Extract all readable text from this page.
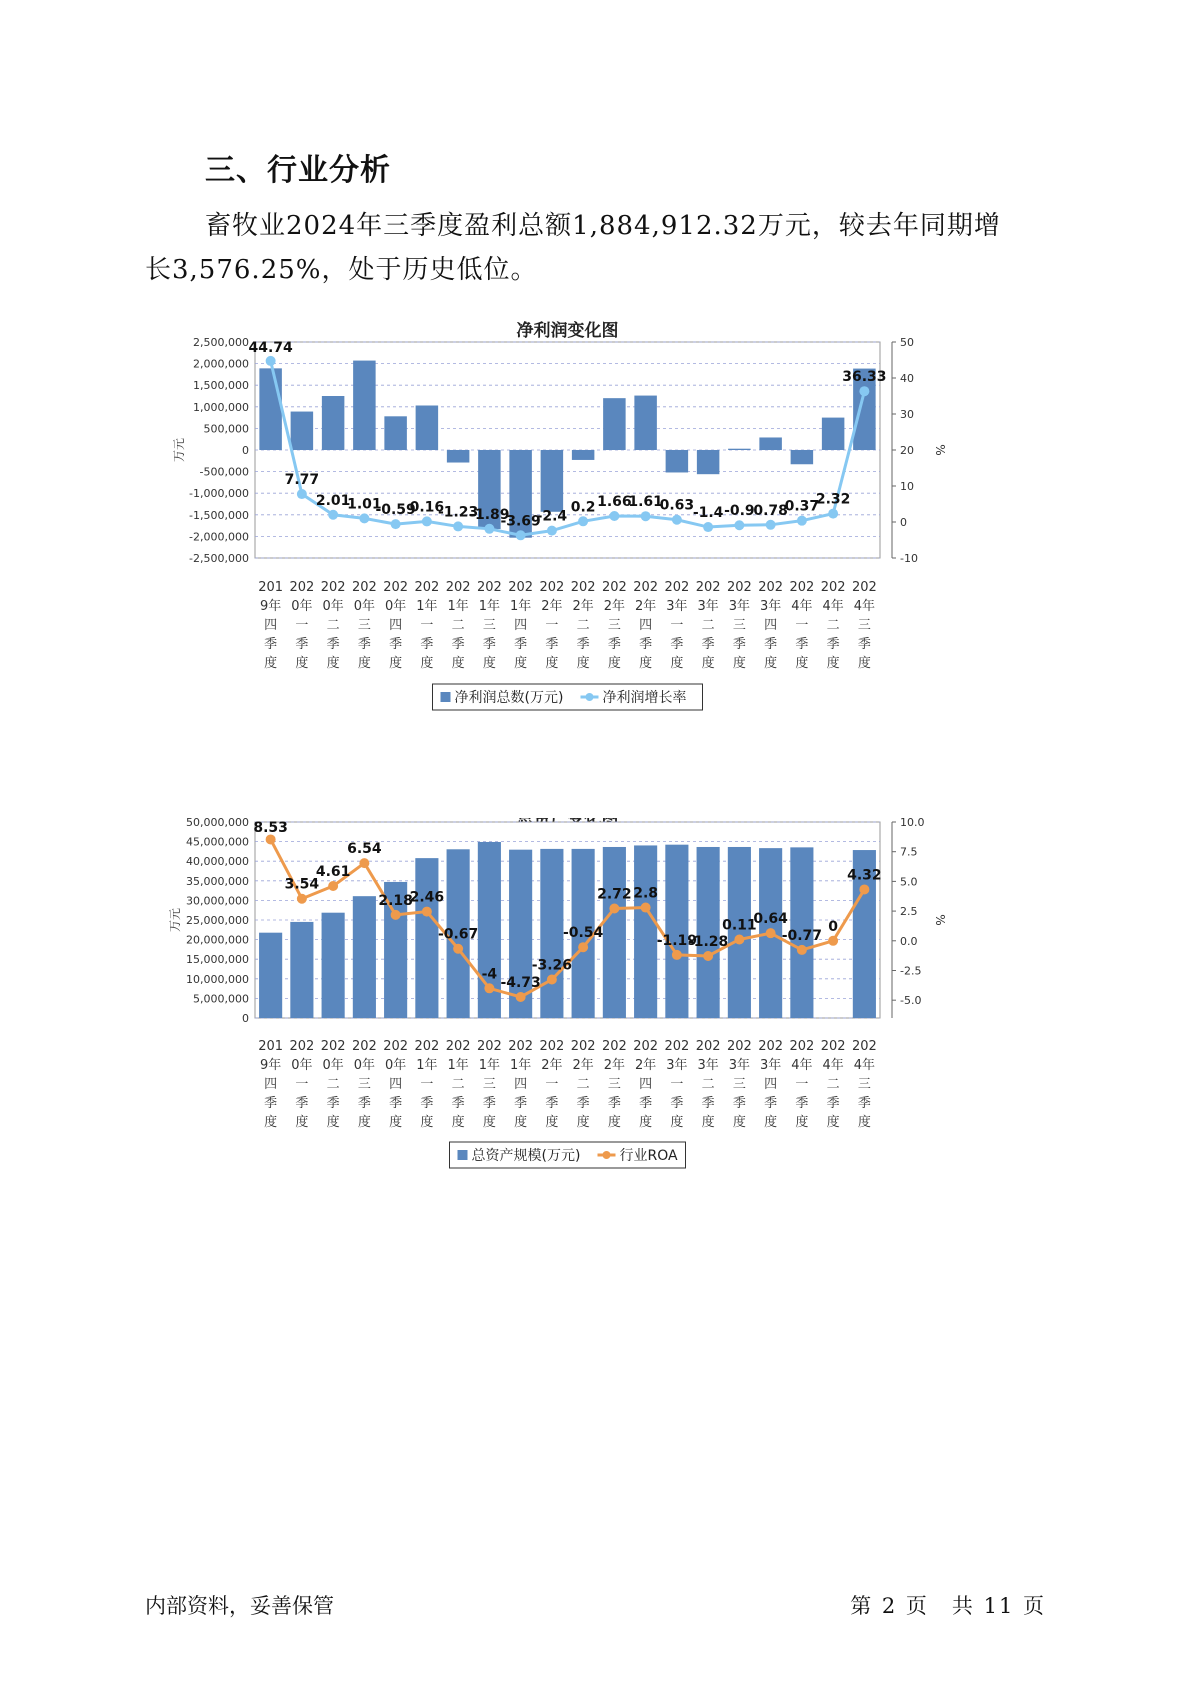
三、行业分析

畜牧业2024年三季度盈利总额1,884,912.32万元，较去年同期增长3,576.25%，处于历史低位。

净利润变化图
2,500,000
2,000,000
1,500,000
1,000,000
500,000
0
-500,000
-1,000,000
-1,500,000
-2,000,000
-2,500,000
50
40
30
20
10
0
-10
万元	%
44.74
7.77
2.01
1.01
-0.59
0.16
-1.23
-1.89
-3.69
-2.4
0.2 1.66
1.61
0.63
-1.4 -0.9
0.78
0.37
2.32
36.33
201
9年
四
季
度
202
0年
一
季
度
202
0年
二
季
度
202
0年
三
季
度
202
0年
四
季
度
202
1年
一
季
度
202
1年
二
季
度
202
1年
三
季
度
202
1年
四
季
度
202
2年
一
季
度
202
2年
二
季
度
202
2年
三
季
度
202
2年
四
季
度
202
3年
一
季
度
202
3年
二
季
度
202
3年
三
季
度
202
3年
四
季
度
202
4年
一
季
度
202
4年
二
季
度
202
4年
三
季
度
净利润总数(万元)	净利润增长率
50,000,000
45,000,000
40,000,000
35,000,000
30,000,000
25,000,000
20,000,000
15,000,000
10,000,000
5,000,000
0
10.0
7.5
5.0
2.5
0.0
-2.5
-5.0
万元	%
8.53
3.54
4.61
6.54
2.18
2.46
-0.67
-4
-4.73
-3.26
-0.54
2.72 2.8
-1.19
-1.28
0.11
0.64
-0.77
0
4.32
201
9年
四
季
度
202
0年
一
季
度
202
0年
二
季
度
202
0年
三
季
度
202
0年
四
季
度
202
1年
一
季
度
202
1年
二
季
度
202
1年
三
季
度
202
1年
四
季
度
202
2年
一
季
度
202
2年
二
季
度
202
2年
三
季
度
202
2年
四
季
度
202
3年
一
季
度
202
3年
二
季
度
202
3年
三
季
度
202
3年
四
季
度
202
4年
一
季
度
202
4年
二
季
度
202
4年
三
季
度
总资产规模(万元)	行业ROA
内部资料，妥善保管	第 2 页　共 11 页
